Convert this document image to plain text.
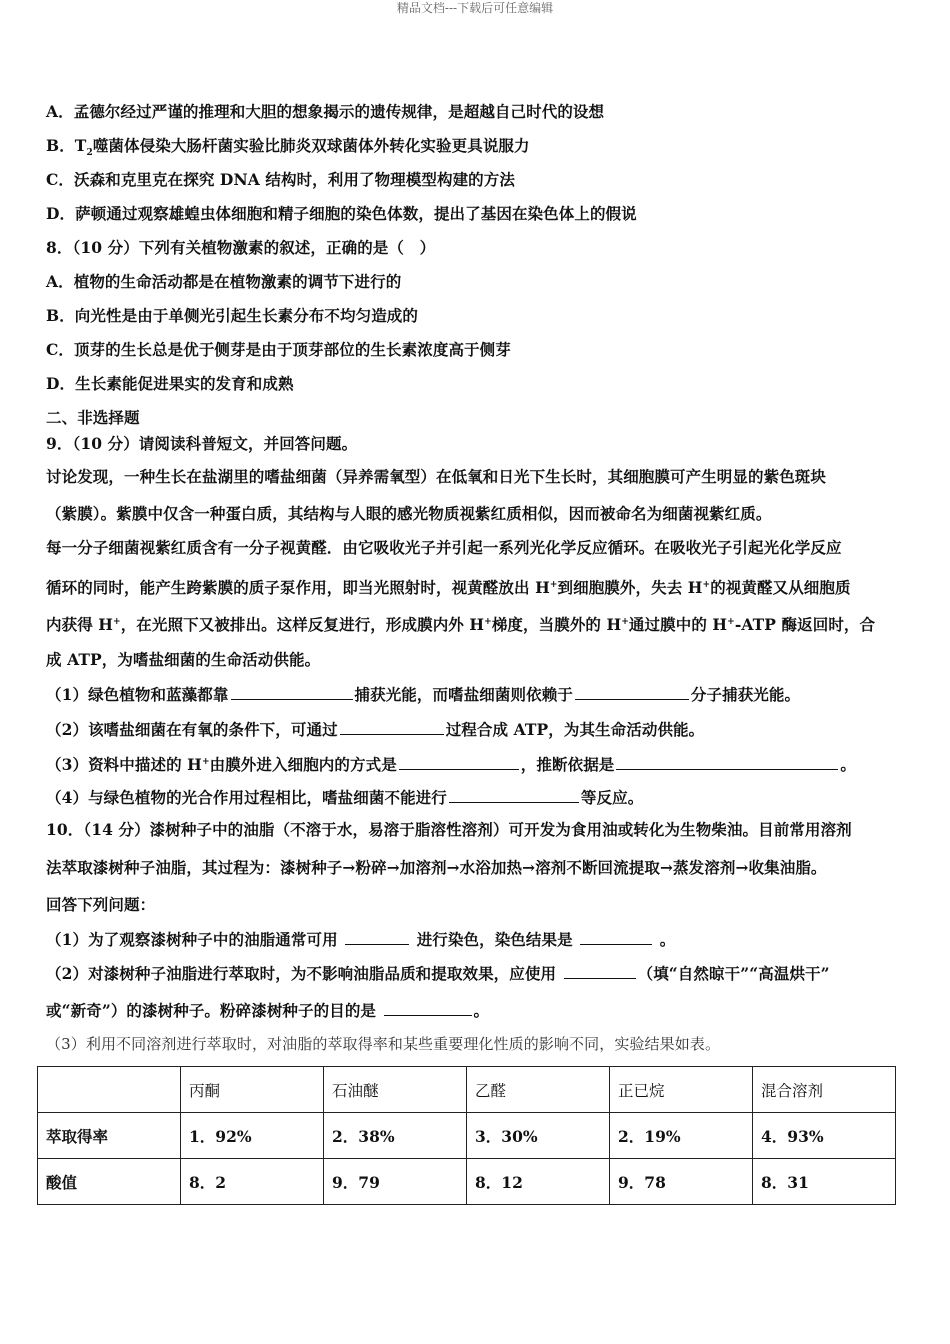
精品文档---下载后可任意编辑
A．孟德尔经过严谨的推理和大胆的想象揭示的遗传规律，是超越自己时代的设想
B．$T_2$噬菌体侵染大肠杆菌实验比肺炎双球菌体外转化实验更具说服力
C．沃森和克里克在探究 DNA 结构时，利用了物理模型构建的方法
D．萨顿通过观察雄蝗虫体细胞和精子细胞的染色体数，提出了基因在染色体上的假说
8．（10 分）下列有关植物激素的叙述，正确的是（　）
A．植物的生命活动都是在植物激素的调节下进行的
B．向光性是由于单侧光引起生长素分布不均匀造成的
C．顶芽的生长总是优于侧芽是由于顶芽部位的生长素浓度高于侧芽
D．生长素能促进果实的发育和成熟
二、非选择题
9．（10 分）请阅读科普短文，并回答问题。
讨论发现，一种生长在盐湖里的嗜盐细菌（异养需氧型）在低氧和日光下生长时，其细胞膜可产生明显的紫色斑块
（紫膜）。紫膜中仅含一种蛋白质，其结构与人眼的感光物质视紫红质相似，因而被命名为细菌视紫红质。
每一分子细菌视紫红质含有一分子视黄醛．由它吸收光子并引起一系列光化学反应循环。在吸收光子引起光化学反应
循环的同时，能产生跨紫膜的质子泵作用，即当光照射时，视黄醛放出 H+到细胞膜外，失去 H+的视黄醛又从细胞质
内获得 H+，在光照下又被排出。这样反复进行，形成膜内外 H+梯度，当膜外的 H+通过膜中的 H+-ATP 酶返回时，合
成 ATP，为嗜盐细菌的生命活动供能。
（1）绿色植物和蓝藻都靠	捕获光能，而嗜盐细菌则依赖于	分子捕获光能。
（2）该嗜盐细菌在有氧的条件下，可通过	过程合成 ATP，为其生命活动供能。
（3）资料中描述的 H+由膜外进入细胞内的方式是	，推断依据是	。
（4）与绿色植物的光合作用过程相比，嗜盐细菌不能进行	等反应。
10．（14 分）漆树种子中的油脂（不溶于水，易溶于脂溶性溶剂）可开发为食用油或转化为生物柴油。目前常用溶剂
法萃取漆树种子油脂，其过程为：漆树种子→粉碎→加溶剂→水浴加热→溶剂不断回流提取→蒸发溶剂→收集油脂。
回答下列问题：
（1）为了观察漆树种子中的油脂通常可用	进行染色，染色结果是	。
（2）对漆树种子油脂进行萃取时，为不影响油脂品质和提取效果，应使用	（填“自然晾干”“高温烘干”
或“新奇”）的漆树种子。粉碎漆树种子的目的是	。
（3）利用不同溶剂进行萃取时，对油脂的萃取得率和某些重要理化性质的影响不同，实验结果如表。
	丙酮	石油醚	乙醛	正已烷	混合溶剂
萃取得率	1．92%	2．38%	3．30%	2．19%	4．93%
酸值	8．2	9．79	8．12	9．78	8．31
